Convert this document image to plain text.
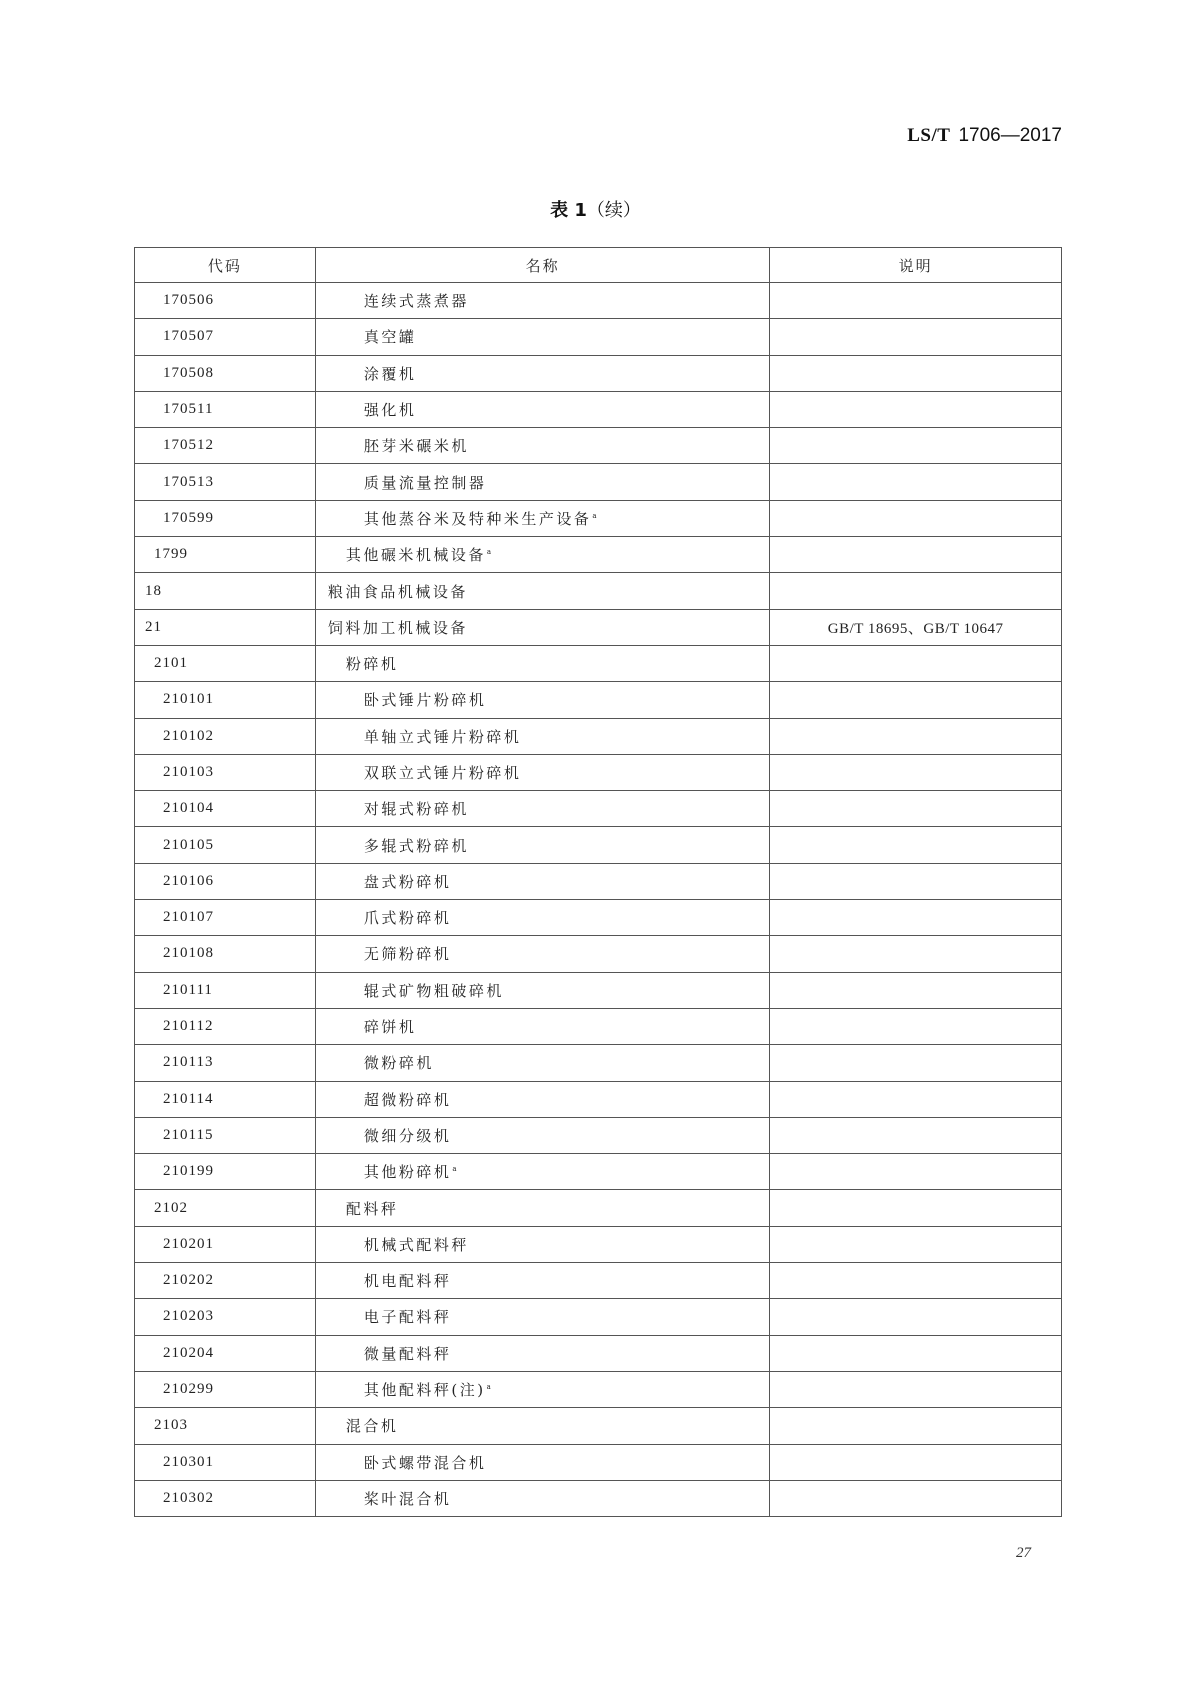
LS/T 1706—2017
表 1（续）
代码	名称	说明
170506	连续式蒸煮器	
170507	真空罐	
170508	涂覆机	
170511	强化机	
170512	胚芽米碾米机	
170513	质量流量控制器	
170599	其他蒸谷米及特种米生产设备$^a$	
1799	其他碾米机械设备$^a$	
18	粮油食品机械设备	
21	饲料加工机械设备	GB/T 18695、GB/T 10647
2101	粉碎机	
210101	卧式锤片粉碎机	
210102	单轴立式锤片粉碎机	
210103	双联立式锤片粉碎机	
210104	对辊式粉碎机	
210105	多辊式粉碎机	
210106	盘式粉碎机	
210107	爪式粉碎机	
210108	无筛粉碎机	
210111	辊式矿物粗破碎机	
210112	碎饼机	
210113	微粉碎机	
210114	超微粉碎机	
210115	微细分级机	
210199	其他粉碎机$^a$	
2102	配料秤	
210201	机械式配料秤	
210202	机电配料秤	
210203	电子配料秤	
210204	微量配料秤	
210299	其他配料秤(注)$^a$	
2103	混合机	
210301	卧式螺带混合机	
210302	桨叶混合机	
27
